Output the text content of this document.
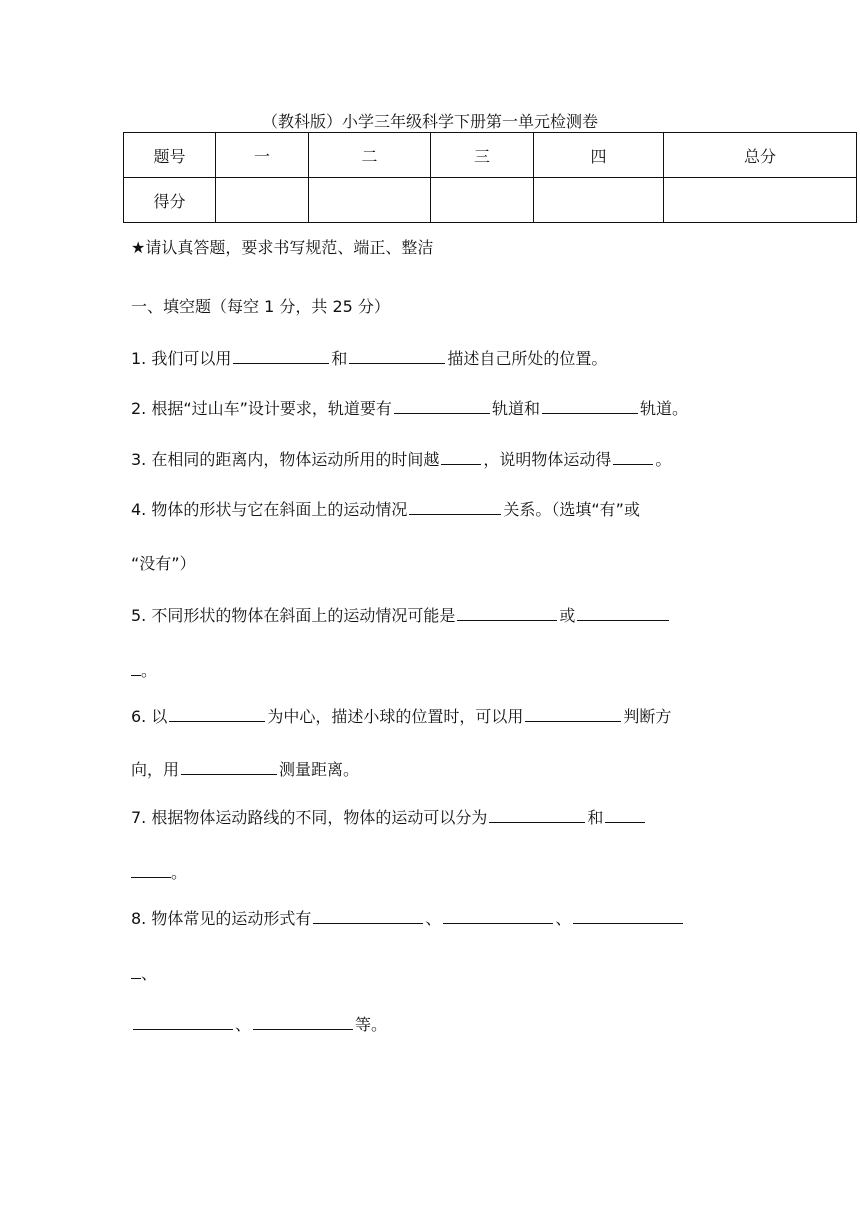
（教科版）小学三年级科学下册第一单元检测卷
题号	一	二	三	四	总分
得分					
★请认真答题，要求书写规范、端正、整洁
一、填空题（每空 1 分，共 25 分）
1. 我们可以用	和	描述自己所处的位置。
2. 根据“过山车”设计要求，轨道要有	轨道和	轨道。
3. 在相同的距离内，物体运动所用的时间越	，说明物体运动得	。
4. 物体的形状与它在斜面上的运动情况	关系。（选填“有”或
“没有”）
5. 不同形状的物体在斜面上的运动情况可能是	或
。
6. 以	为中心，描述小球的位置时，可以用	判断方
向，用	测量距离。
7. 根据物体运动路线的不同，物体的运动可以分为	和
。
8. 物体常见的运动形式有	、	、
、
、	等。
